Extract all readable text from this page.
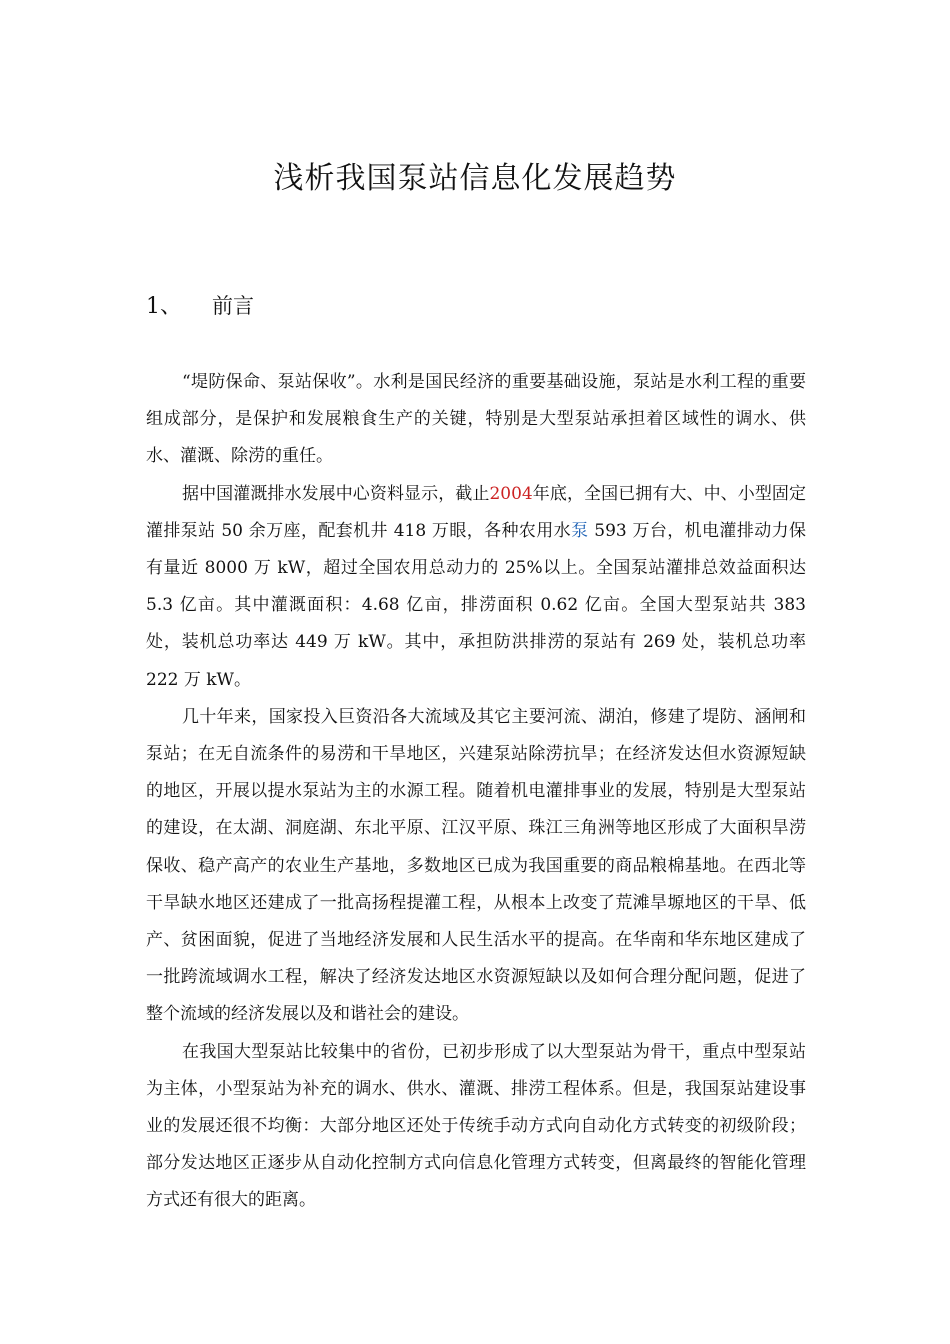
浅析我国泵站信息化发展趋势
1、 前言

“堤防保命、泵站保收”。水利是国民经济的重要基础设施，泵站是水利工程的重要组成部分，是保护和发展粮食生产的关键，特别是大型泵站承担着区域性的调水、供水、灌溉、除涝的重任。

据中国灌溉排水发展中心资料显示，截止2004年底，全国已拥有大、中、小型固定灌排泵站 50 余万座，配套机井 418 万眼，各种农用水泵 593 万台，机电灌排动力保有量近 8000 万 kW，超过全国农用总动力的 25%以上。全国泵站灌排总效益面积达 5.3 亿亩。其中灌溉面积：4.68 亿亩，排涝面积 0.62 亿亩。全国大型泵站共 383 处，装机总功率达 449 万 kW。其中，承担防洪排涝的泵站有 269 处，装机总功率 222 万 kW。

几十年来，国家投入巨资沿各大流域及其它主要河流、湖泊，修建了堤防、涵闸和泵站；在无自流条件的易涝和干旱地区，兴建泵站除涝抗旱；在经济发达但水资源短缺的地区，开展以提水泵站为主的水源工程。随着机电灌排事业的发展，特别是大型泵站的建设，在太湖、洞庭湖、东北平原、江汉平原、珠江三角洲等地区形成了大面积旱涝保收、稳产高产的农业生产基地，多数地区已成为我国重要的商品粮棉基地。在西北等干旱缺水地区还建成了一批高扬程提灌工程，从根本上改变了荒滩旱塬地区的干旱、低产、贫困面貌，促进了当地经济发展和人民生活水平的提高。在华南和华东地区建成了一批跨流域调水工程，解决了经济发达地区水资源短缺以及如何合理分配问题，促进了整个流域的经济发展以及和谐社会的建设。

在我国大型泵站比较集中的省份，已初步形成了以大型泵站为骨干，重点中型泵站为主体，小型泵站为补充的调水、供水、灌溉、排涝工程体系。但是，我国泵站建设事业的发展还很不均衡：大部分地区还处于传统手动方式向自动化方式转变的初级阶段；部分发达地区正逐步从自动化控制方式向信息化管理方式转变，但离最终的智能化管理方式还有很大的距离。
